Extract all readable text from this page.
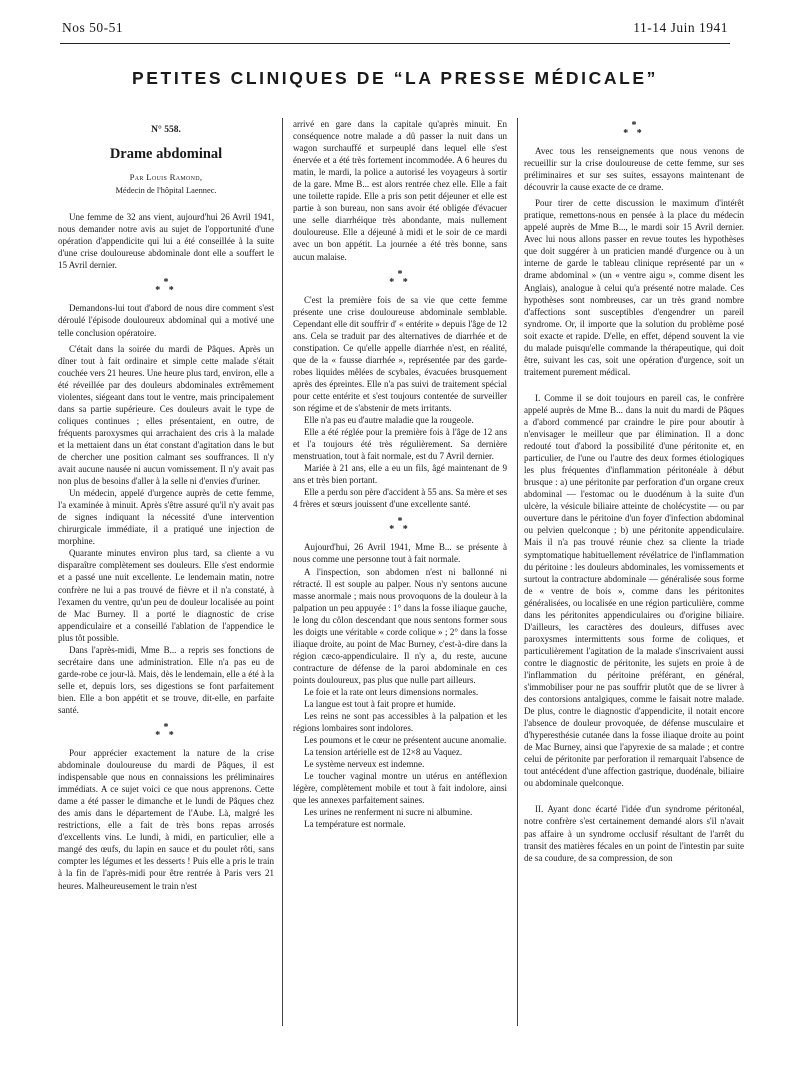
Nos 50-51	11-14 Juin 1941
PETITES CLINIQUES DE “LA PRESSE MÉDICALE”
N° 558.
Drame abdominal
Par Louis Ramond,
Médecin de l'hôpital Laennec.

Une femme de 32 ans vient, aujourd'hui 26 Avril 1941, nous demander notre avis au sujet de l'opportunité d'une opération d'appendicite qui lui a été conseillée à la suite d'une crise douloureuse abdominale dont elle a souffert le 15 Avril dernier.

*
* *

Demandons-lui tout d'abord de nous dire comment s'est déroulé l'épisode douloureux abdominal qui a motivé une telle conclusion opératoire.

C'était dans la soirée du mardi de Pâques. Après un dîner tout à fait ordinaire et simple cette malade s'était couchée vers 21 heures. Une heure plus tard, environ, elle a été réveillée par des douleurs abdominales extrêmement violentes, siégeant dans tout le ventre, mais principalement dans sa partie supérieure. Ces douleurs avait le type de coliques continues ; elles présentaient, en outre, de fréquents paroxysmes qui arrachaient des cris à la malade et la mettaient dans un état constant d'agitation dans le but de chercher une position calmant ses souffrances. Il n'y avait aucune nausée ni aucun vomissement. Il n'y avait pas non plus de besoins d'aller à la selle ni d'envies d'uriner.

Un médecin, appelé d'urgence auprès de cette femme, l'a examinée à minuit. Après s'être assuré qu'il n'y avait pas de signes indiquant la nécessité d'une intervention chirurgicale immédiate, il a pratiqué une injection de morphine.

Quarante minutes environ plus tard, sa cliente a vu disparaître complètement ses douleurs. Elle s'est endormie et a passé une nuit excellente. Le lendemain matin, notre confrère ne lui a pas trouvé de fièvre et il n'a constaté, à l'examen du ventre, qu'un peu de douleur localisée au point de Mac Burney. Il a porté le diagnostic de crise appendiculaire et a conseillé l'ablation de l'appendice le plus tôt possible.

Dans l'après-midi, Mme B... a repris ses fonctions de secrétaire dans une administration. Elle n'a pas eu de garde-robe ce jour-là. Mais, dès le lendemain, elle a été à la selle et, depuis lors, ses digestions se font parfaitement bien. Elle a bon appétit et se trouve, dit-elle, en parfaite santé.

*
* *

Pour apprécier exactement la nature de la crise abdominale douloureuse du mardi de Pâques, il est indispensable que nous en connaissions les préliminaires immédiats. A ce sujet voici ce que nous apprenons. Cette dame a été passer le dimanche et le lundi de Pâques chez des amis dans le département de l'Aube. Là, malgré les restrictions, elle a fait de très bons repas arrosés d'excellents vins. Le lundi, à midi, en particulier, elle a mangé des œufs, du lapin en sauce et du poulet rôti, sans compter les légumes et les desserts ! Puis elle a pris le train à la fin de l'après-midi pour être rentrée à Paris vers 21 heures. Malheureusement le train n'est

arrivé en gare dans la capitale qu'après minuit. En conséquence notre malade a dû passer la nuit dans un wagon surchauffé et surpeuplé dans lequel elle s'est énervée et a été très fortement incommodée. A 6 heures du matin, le mardi, la police a autorisé les voyageurs à sortir de la gare. Mme B... est alors rentrée chez elle. Elle a fait une toilette rapide. Elle a pris son petit déjeuner et elle est partie à son bureau, non sans avoir été obligée d'évacuer une selle diarrhéique très abondante, mais nullement douloureuse. Elle a déjeuné à midi et le soir de ce mardi avec un bon appétit. La journée a été très bonne, sans aucun malaise.

*
* *

C'est la première fois de sa vie que cette femme présente une crise douloureuse abdominale semblable. Cependant elle dit souffrir d' « entérite » depuis l'âge de 12 ans. Cela se traduit par des alternatives de diarrhée et de constipation. Ce qu'elle appelle diarrhée n'est, en réalité, que de la « fausse diarrhée », représentée par des garde-robes liquides mêlées de scybales, évacuées brusquement après des épreintes. Elle n'a pas suivi de traitement spécial pour cette entérite et s'est toujours contentée de surveiller son régime et de s'abstenir de mets irritants.

Elle n'a pas eu d'autre maladie que la rougeole.

Elle a été réglée pour la première fois à l'âge de 12 ans et l'a toujours été très régulièrement. Sa dernière menstruation, tout à fait normale, est du 7 Avril dernier.

Mariée à 21 ans, elle a eu un fils, âgé maintenant de 9 ans et très bien portant.

Elle a perdu son père d'accident à 55 ans. Sa mère et ses 4 frères et sœurs jouissent d'une excellente santé.

*
* *

Aujourd'hui, 26 Avril 1941, Mme B... se présente à nous comme une personne tout à fait normale.

A l'inspection, son abdomen n'est ni ballonné ni rétracté. Il est souple au palper. Nous n'y sentons aucune masse anormale ; mais nous provoquons de la douleur à la palpation un peu appuyée : 1° dans la fosse iliaque gauche, le long du côlon descendant que nous sentons former sous les doigts une véritable « corde colique » ; 2° dans la fosse iliaque droite, au point de Mac Burney, c'est-à-dire dans la région cæco-appendiculaire. Il n'y a, du reste, aucune contracture de défense de la paroi abdominale en ces points douloureux, pas plus que nulle part ailleurs.

Le foie et la rate ont leurs dimensions normales.

La langue est tout à fait propre et humide.

Les reins ne sont pas accessibles à la palpation et les régions lombaires sont indolores.

Les poumons et le cœur ne présentent aucune anomalie.

La tension artérielle est de 12×8 au Vaquez.

Le système nerveux est indemne.

Le toucher vaginal montre un utérus en antéflexion légère, complètement mobile et tout à fait indolore, ainsi que les annexes parfaitement saines.

Les urines ne renferment ni sucre ni albumine.

La température est normale.

*
* *

Avec tous les renseignements que nous venons de recueillir sur la crise douloureuse de cette femme, sur ses préliminaires et sur ses suites, essayons maintenant de découvrir la cause exacte de ce drame.

Pour tirer de cette discussion le maximum d'intérêt pratique, remettons-nous en pensée à la place du médecin appelé auprès de Mme B..., le mardi soir 15 Avril dernier. Avec lui nous allons passer en revue toutes les hypothèses que doit suggérer à un praticien mandé d'urgence ou à un interne de garde le tableau clinique représenté par un « drame abdominal » (un « ventre aigu », comme disent les Anglais), analogue à celui qu'a présenté notre malade. Ces hypothèses sont nombreuses, car un très grand nombre d'affections sont susceptibles d'engendrer un pareil syndrome. Or, il importe que la solution du problème posé soit exacte et rapide. D'elle, en effet, dépend souvent la vie du malade puisqu'elle commande la thérapeutique, qui doit être, suivant les cas, soit une opération d'urgence, soit un traitement purement médical.

I. Comme il se doit toujours en pareil cas, le confrère appelé auprès de Mme B... dans la nuit du mardi de Pâques a d'abord commencé par craindre le pire pour aboutir à n'envisager le meilleur que par élimination. Il a donc redouté tout d'abord la possibilité d'une péritonite et, en particulier, de l'une ou l'autre des deux formes étiologiques les plus fréquentes d'inflammation péritonéale à début brusque : a) une péritonite par perforation d'un organe creux abdominal — l'estomac ou le duodénum à la suite d'un ulcère, la vésicule biliaire atteinte de cholécystite — ou par ouverture dans le péritoine d'un foyer d'infection abdominal ou pelvien quelconque ; b) une péritonite appendiculaire. Mais il n'a pas trouvé réunie chez sa cliente la triade symptomatique habituellement révélatrice de l'inflammation du péritoine : les douleurs abdominales, les vomissements et surtout la contracture abdominale — généralisée sous forme de « ventre de bois », comme dans les péritonites généralisées, ou localisée en une région particulière, comme dans les péritonites appendiculaires ou d'origine biliaire. D'ailleurs, les caractères des douleurs, diffuses avec paroxysmes intermittents sous forme de coliques, et particulièrement l'agitation de la malade s'inscrivaient aussi contre le diagnostic de péritonite, les sujets en proie à de l'inflammation du péritoine préférant, en général, s'immobiliser pour ne pas souffrir plutôt que de se livrer à des contorsions antalgiques, comme le faisait notre malade. De plus, contre le diagnostic d'appendicite, il notait encore l'absence de douleur provoquée, de défense musculaire et d'hyperesthésie cutanée dans la fosse iliaque droite au point de Mac Burney, ainsi que l'apyrexie de sa malade ; et contre celui de péritonite par perforation il remarquait l'absence de tout antécédent d'une affection gastrique, duodénale, biliaire ou abdominale quelconque.

II. Ayant donc écarté l'idée d'un syndrome péritonéal, notre confrère s'est certainement demandé alors s'il n'avait pas affaire à un syndrome occlusif résultant de l'arrêt du transit des matières fécales en un point de l'intestin par suite de sa coudure, de sa compression, de son
